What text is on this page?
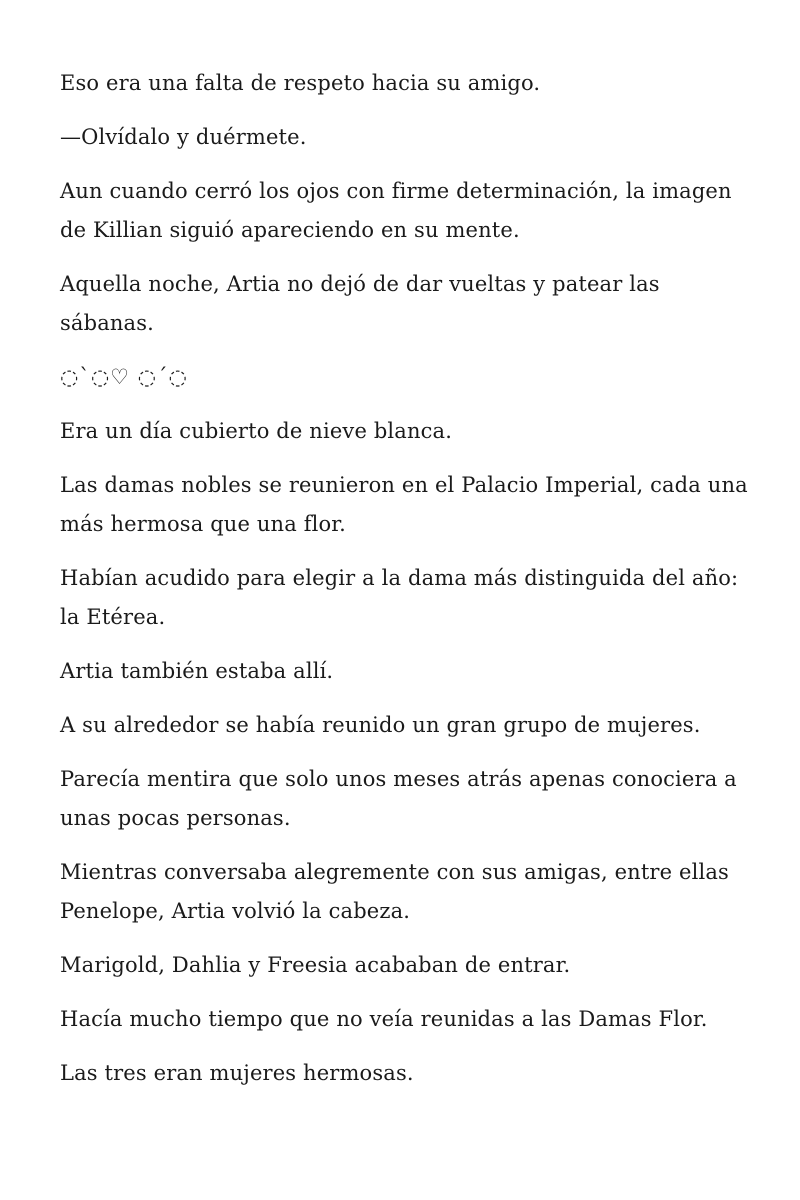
Eso era una falta de respeto hacia su amigo.

—Olvídalo y duérmete.

Aun cuando cerró los ojos con firme determinación, la imagen de Killian siguió apareciendo en su mente.

Aquella noche, Artia no dejó de dar vueltas y patear las sábanas.

◌`◌♡ ◌´◌

Era un día cubierto de nieve blanca.

Las damas nobles se reunieron en el Palacio Imperial, cada una más hermosa que una flor.

Habían acudido para elegir a la dama más distinguida del año: la Etérea.

Artia también estaba allí.

A su alrededor se había reunido un gran grupo de mujeres.

Parecía mentira que solo unos meses atrás apenas conociera a unas pocas personas.

Mientras conversaba alegremente con sus amigas, entre ellas Penelope, Artia volvió la cabeza.

Marigold, Dahlia y Freesia acababan de entrar.

Hacía mucho tiempo que no veía reunidas a las Damas Flor.

Las tres eran mujeres hermosas.
